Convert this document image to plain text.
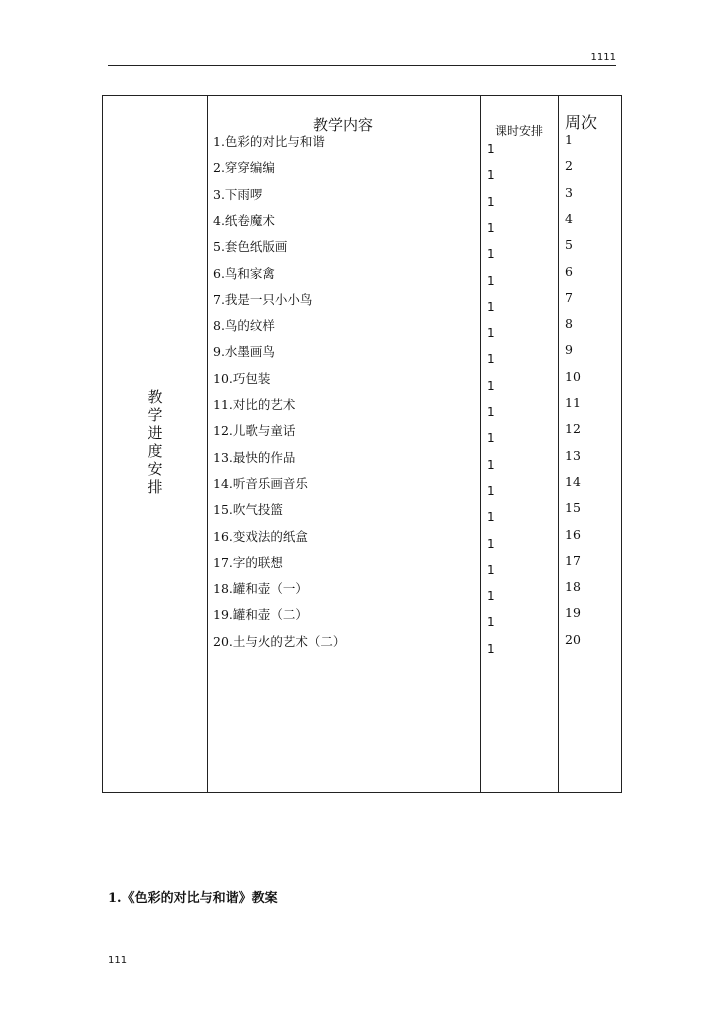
1111
教
学
进
度
安
排
教学内容	课时安排	周次
1.色彩的对比与和谐
2.穿穿编编
3.下雨啰
4.纸卷魔术
5.套色纸版画
6.鸟和家禽
7.我是一只小小鸟
8.鸟的纹样
9.水墨画鸟
10.巧包装
11.对比的艺术
12.儿歌与童话
13.最快的作品
14.听音乐画音乐
15.吹气投篮
16.变戏法的纸盒
17.字的联想
18.罐和壶（一）
19.罐和壶（二）
20.土与火的艺术（二）
1
1
1
1
1
1
1
1
1
1
1
1
1
1
1
1
1
1
1
1
1
2
3
4
5
6
7
8
9
10
11
12
13
14
15
16
17
18
19
20
1.《色彩的对比与和谐》教案
111
